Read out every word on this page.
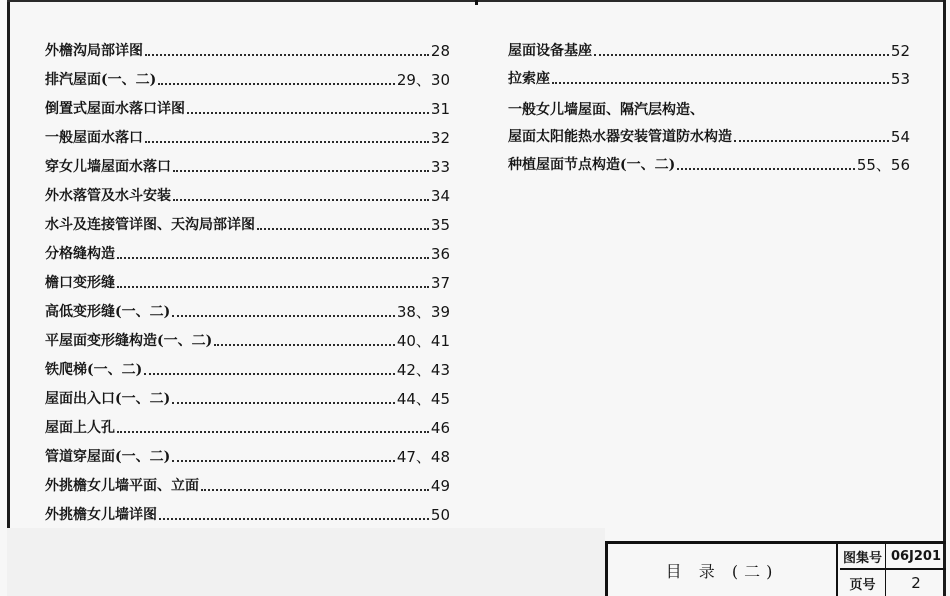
外檐沟局部详图	28
排汽屋面(一、二)	29、30
倒置式屋面水落口详图	31
一般屋面水落口	32
穿女儿墙屋面水落口	33
外水落管及水斗安装	34
水斗及连接管详图、天沟局部详图	35
分格缝构造	36
檐口变形缝	37
高低变形缝(一、二)	38、39
平屋面变形缝构造(一、二)	40、41
铁爬梯(一、二)	42、43
屋面出入口(一、二)	44、45
屋面上人孔	46
管道穿屋面(一、二)	47、48
外挑檐女儿墙平面、立面	49
外挑檐女儿墙详图	50
屋面设备基座	52
拉索座	53
一般女儿墙屋面、隔汽层构造、
屋面太阳能热水器安装管道防水构造	54
种植屋面节点构造(一、二)	55、56
目 录 (二)
图集号 06J201
页号	2
